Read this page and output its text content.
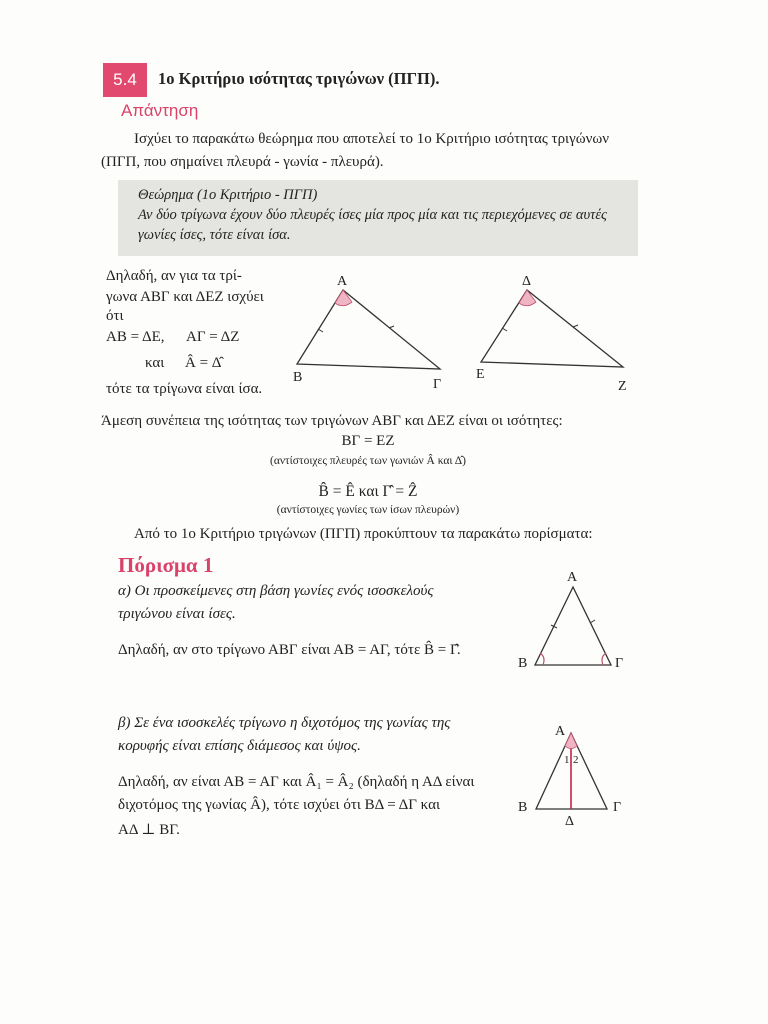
5.4	1ο Κριτήριο ισότητας τριγώνων (ΠΓΠ).
Απάντηση
Ισχύει το παρακάτω θεώρημα που αποτελεί το 1ο Κριτήριο ισότητας τριγώνων
(ΠΓΠ, που σημαίνει πλευρά - γωνία - πλευρά).
Θεώρημα (1ο Κριτήριο - ΠΓΠ)
Αν δύο τρίγωνα έχουν δύο πλευρές ίσες μία προς μία και τις περιεχόμενες σε αυτές
γωνίες ίσες, τότε είναι ίσα.
Δηλαδή, αν για τα τρί-
γωνα ΑΒΓ και ΔΕΖ ισχύει
ότι
ΑΒ = ΔΕ, ΑΓ = ΔΖ
και Â = Δ̂
τότε τα τρίγωνα είναι ίσα.
Α
Β	Γ
Δ
Ε
Ζ
Άμεση συνέπεια της ισότητας των τριγώνων ΑΒΓ και ΔΕΖ είναι οι ισότητες:
ΒΓ = ΕΖ
(αντίστοιχες πλευρές των γωνιών Â και Δ̂)
B̂ = Ê και Γ̂ = Ẑ
(αντίστοιχες γωνίες των ίσων πλευρών)
Από το 1ο Κριτήριο τριγώνων (ΠΓΠ) προκύπτουν τα παρακάτω πορίσματα:
Πόρισμα 1
α) Οι προσκείμενες στη βάση γωνίες ενός ισοσκελούς
τριγώνου είναι ίσες.
Δηλαδή, αν στο τρίγωνο ΑΒΓ είναι ΑΒ = ΑΓ, τότε B̂ = Γ̂.
Α
Β	Γ
β) Σε ένα ισοσκελές τρίγωνο η διχοτόμος της γωνίας της
κορυφής είναι επίσης διάμεσος και ύψος.
Δηλαδή, αν είναι ΑΒ = ΑΓ και Â₁ = Â₂ (δηλαδή η ΑΔ είναι
διχοτόμος της γωνίας Â), τότε ισχύει ότι ΒΔ = ΔΓ και
ΑΔ ⊥ ΒΓ.
Α
1 2
Β	Γ
Δ
